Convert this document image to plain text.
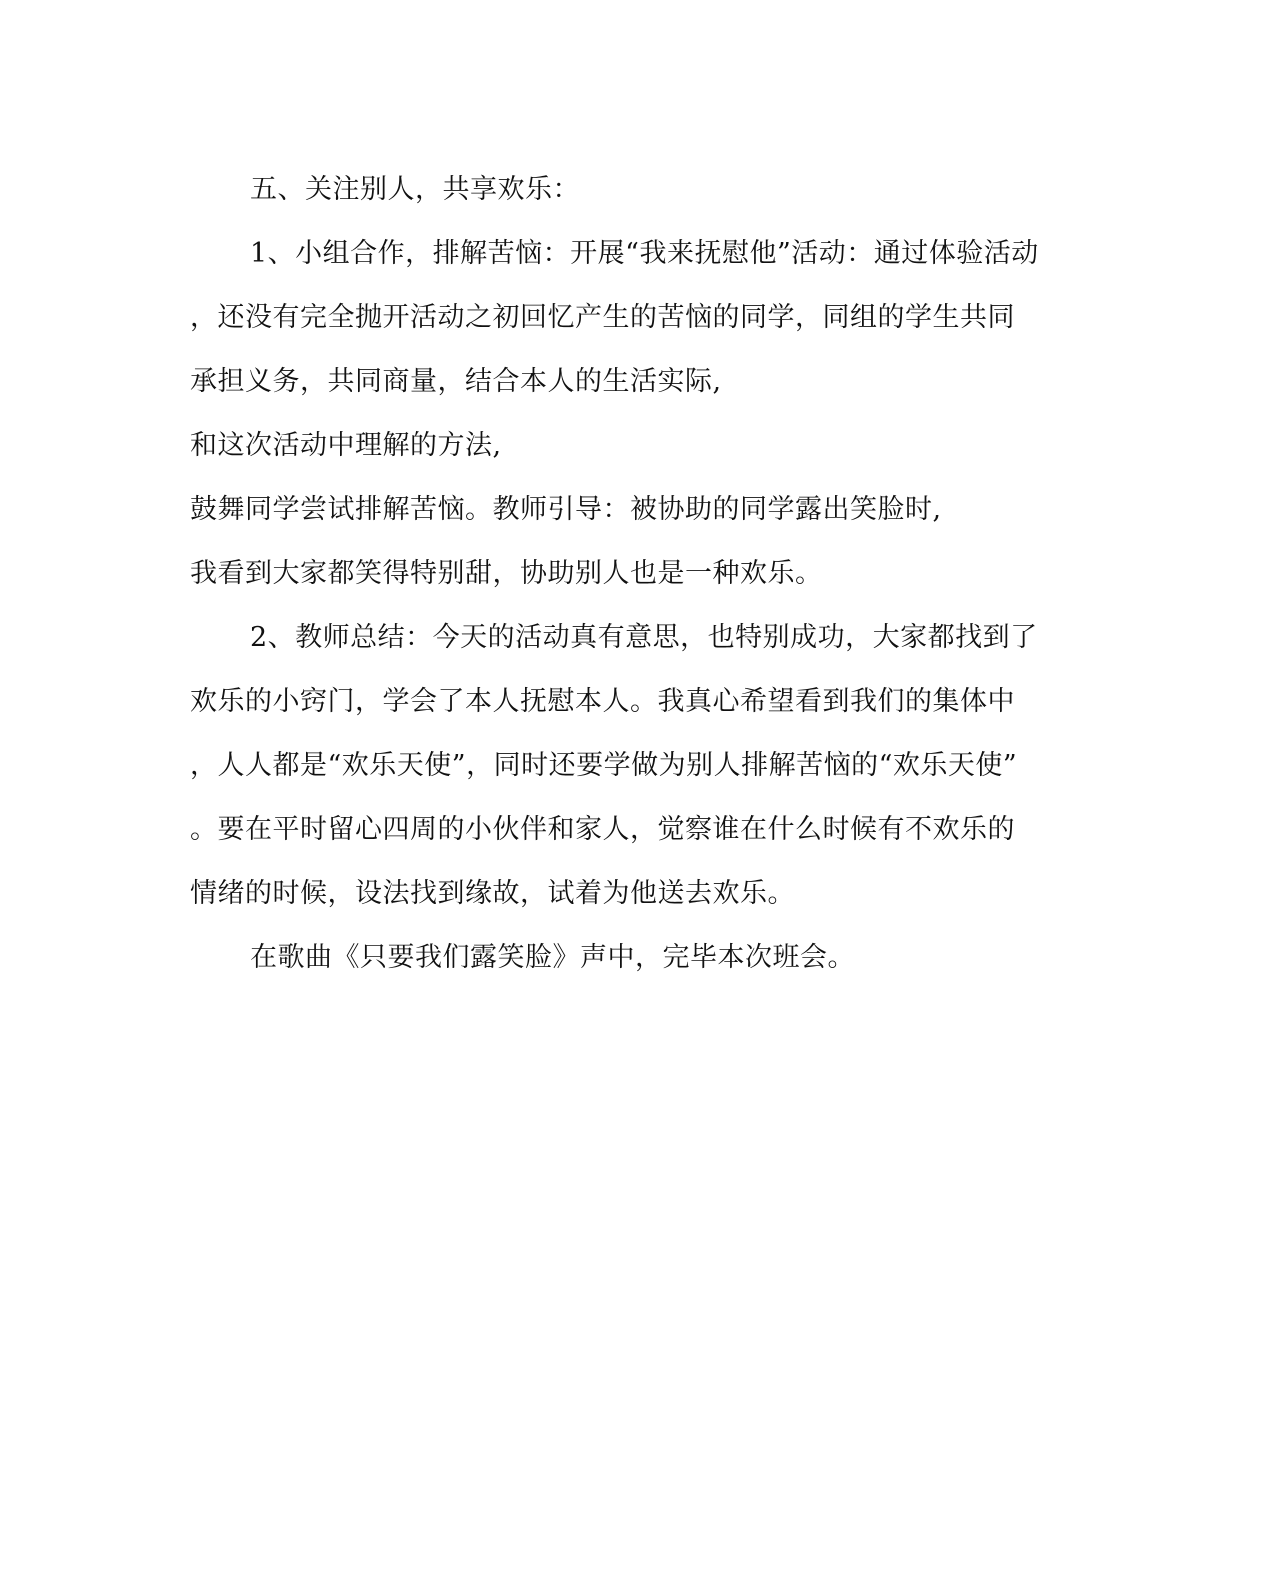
五、关注别人，共享欢乐：
1、小组合作，排解苦恼：开展“我来抚慰他”活动：通过体验活动
，还没有完全抛开活动之初回忆产生的苦恼的同学，同组的学生共同
承担义务，共同商量，结合本人的生活实际,
和这次活动中理解的方法,
鼓舞同学尝试排解苦恼。教师引导：被协助的同学露出笑脸时,
我看到大家都笑得特别甜，协助别人也是一种欢乐。
2、教师总结：今天的活动真有意思，也特别成功，大家都找到了
欢乐的小窍门，学会了本人抚慰本人。我真心希望看到我们的集体中
，人人都是“欢乐天使”，同时还要学做为别人排解苦恼的“欢乐天使”
。要在平时留心四周的小伙伴和家人，觉察谁在什么时候有不欢乐的
情绪的时候，设法找到缘故，试着为他送去欢乐。
在歌曲《只要我们露笑脸》声中，完毕本次班会。
